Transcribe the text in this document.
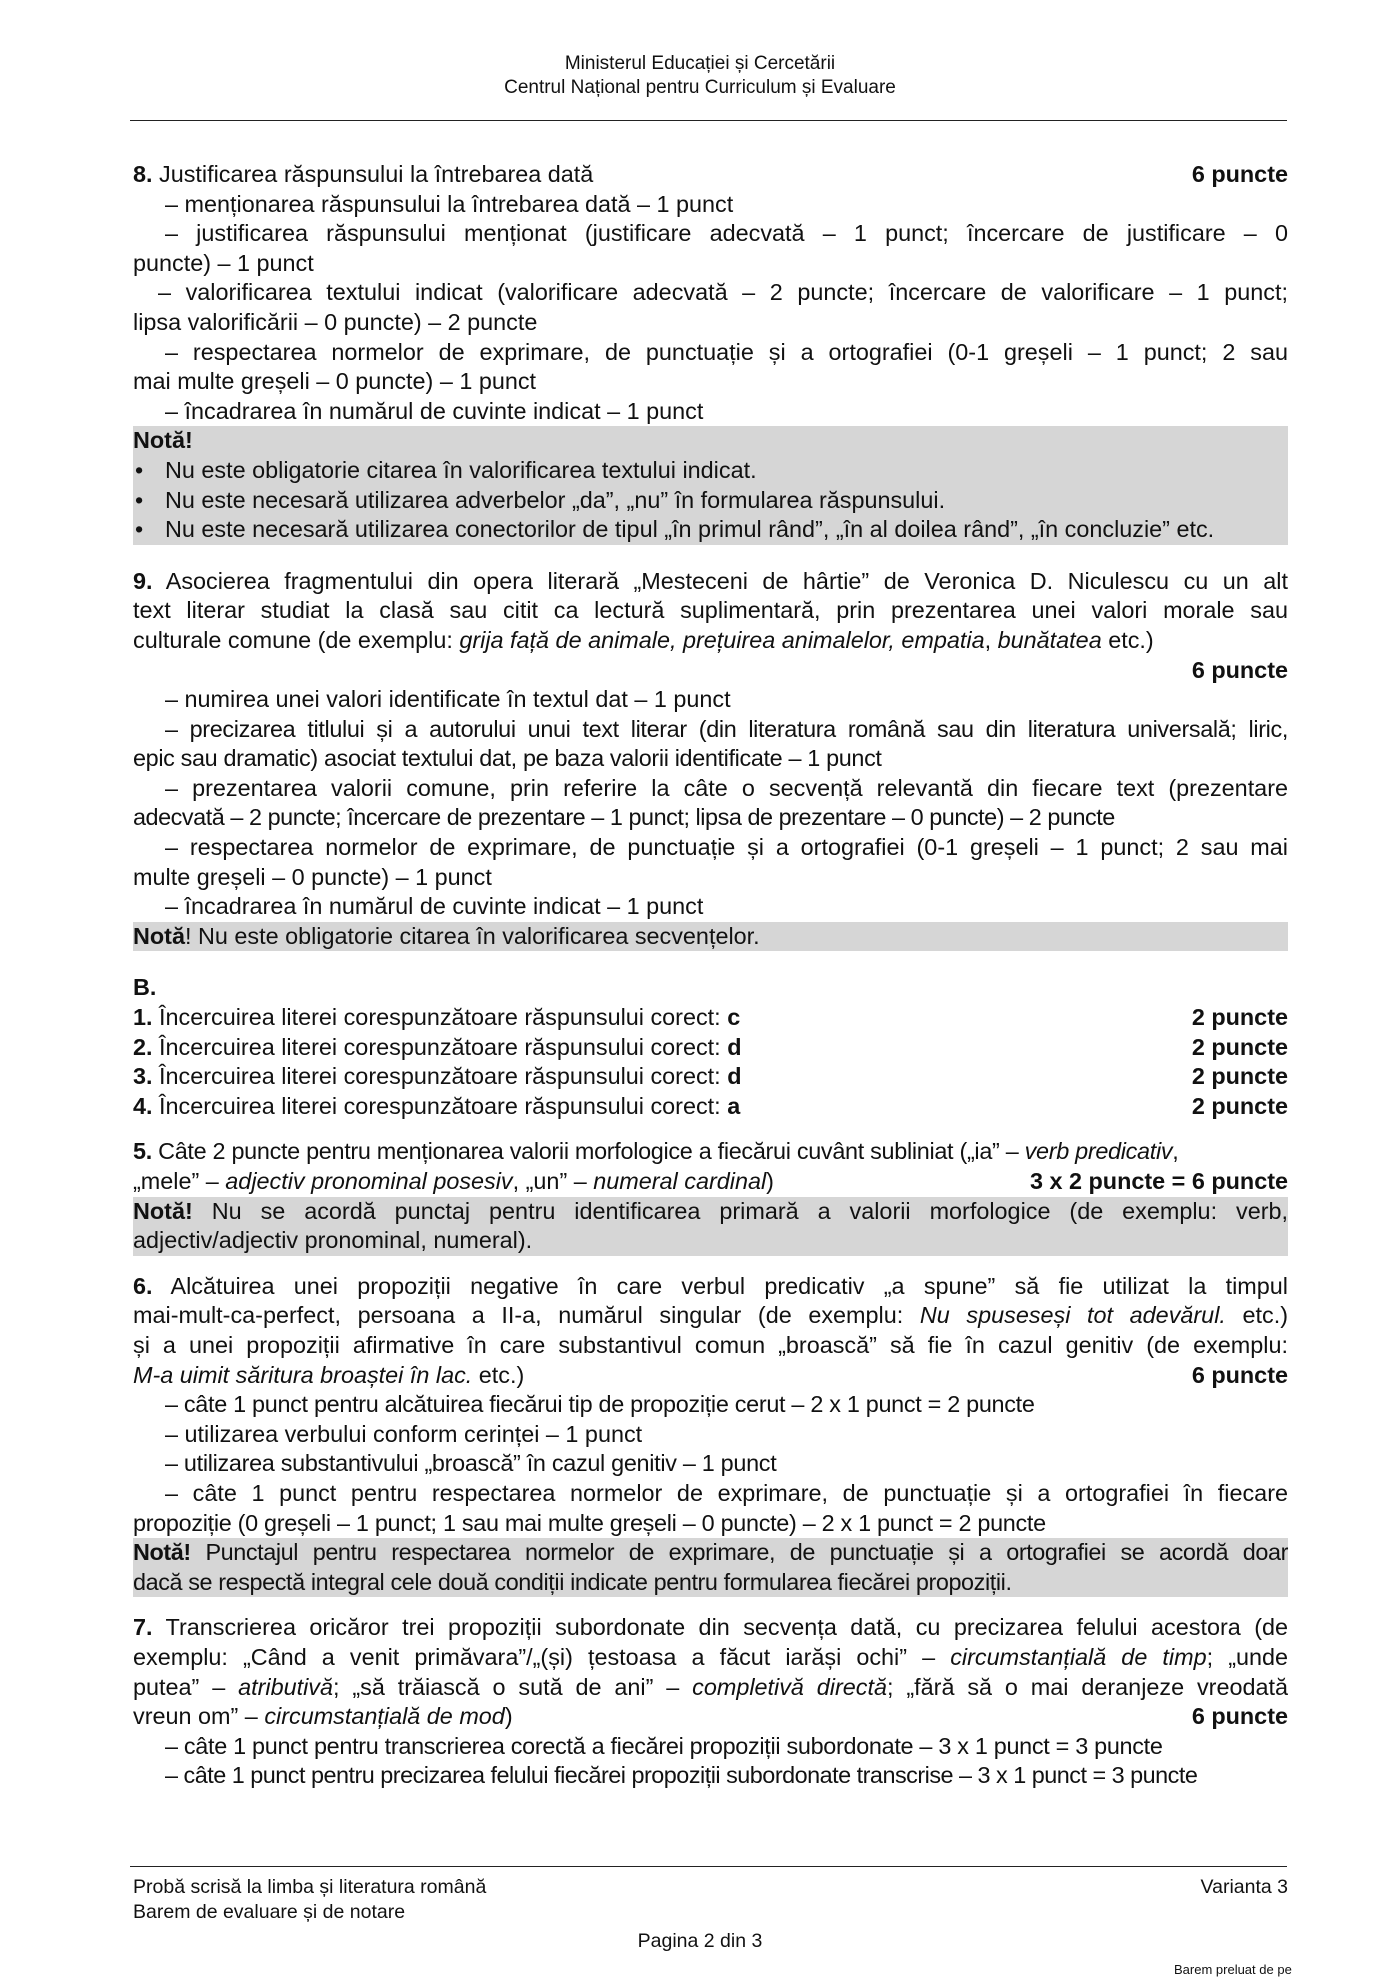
Ministerul Educației și Cercetării
Centrul Național pentru Curriculum și Evaluare
8. Justificarea răspunsului la întrebarea dată	6 puncte
– menționarea răspunsului la întrebarea dată – 1 punct
– justificarea răspunsului menționat (justificare adecvată – 1 punct; încercare de justificare – 0
puncte) – 1 punct
– valorificarea textului indicat (valorificare adecvată – 2 puncte; încercare de valorificare – 1 punct;
lipsa valorificării – 0 puncte) – 2 puncte
– respectarea normelor de exprimare, de punctuație și a ortografiei (0-1 greșeli – 1 punct; 2 sau
mai multe greșeli – 0 puncte) – 1 punct
– încadrarea în numărul de cuvinte indicat – 1 punct
Notă!
• Nu este obligatorie citarea în valorificarea textului indicat.
• Nu este necesară utilizarea adverbelor „da”, „nu” în formularea răspunsului.
• Nu este necesară utilizarea conectorilor de tipul „în primul rând”, „în al doilea rând”, „în concluzie” etc.
9. Asocierea fragmentului din opera literară „Mesteceni de hârtie” de Veronica D. Niculescu cu un alt
text literar studiat la clasă sau citit ca lectură suplimentară, prin prezentarea unei valori morale sau
culturale comune (de exemplu: grija față de animale, prețuirea animalelor, empatia, bunătatea etc.)
6 puncte
– numirea unei valori identificate în textul dat – 1 punct
– precizarea titlului și a autorului unui text literar (din literatura română sau din literatura universală; liric,
epic sau dramatic) asociat textului dat, pe baza valorii identificate – 1 punct
– prezentarea valorii comune, prin referire la câte o secvență relevantă din fiecare text (prezentare
adecvată – 2 puncte; încercare de prezentare – 1 punct; lipsa de prezentare – 0 puncte) – 2 puncte
– respectarea normelor de exprimare, de punctuație și a ortografiei (0-1 greșeli – 1 punct; 2 sau mai
multe greșeli – 0 puncte) – 1 punct
– încadrarea în numărul de cuvinte indicat – 1 punct
Notă! Nu este obligatorie citarea în valorificarea secvențelor.
B.
1. Încercuirea literei corespunzătoare răspunsului corect: c	2 puncte
2. Încercuirea literei corespunzătoare răspunsului corect: d	2 puncte
3. Încercuirea literei corespunzătoare răspunsului corect: d	2 puncte
4. Încercuirea literei corespunzătoare răspunsului corect: a	2 puncte
5. Câte 2 puncte pentru menționarea valorii morfologice a fiecărui cuvânt subliniat („ia” – verb predicativ,
„mele” – adjectiv pronominal posesiv, „un” – numeral cardinal)	3 x 2 puncte = 6 puncte
Notă! Nu se acordă punctaj pentru identificarea primară a valorii morfologice (de exemplu: verb,
adjectiv/adjectiv pronominal, numeral).
6. Alcătuirea unei propoziții negative în care verbul predicativ „a spune” să fie utilizat la timpul
mai-mult-ca-perfect, persoana a II-a, numărul singular (de exemplu: Nu spuseseși tot adevărul. etc.)
și a unei propoziții afirmative în care substantivul comun „broască” să fie în cazul genitiv (de exemplu:
M-a uimit săritura broaștei în lac. etc.)	6 puncte
– câte 1 punct pentru alcătuirea fiecărui tip de propoziție cerut – 2 x 1 punct = 2 puncte
– utilizarea verbului conform cerinței – 1 punct
– utilizarea substantivului „broască” în cazul genitiv – 1 punct
– câte 1 punct pentru respectarea normelor de exprimare, de punctuație și a ortografiei în fiecare
propoziție (0 greșeli – 1 punct; 1 sau mai multe greșeli – 0 puncte) – 2 x 1 punct = 2 puncte
Notă! Punctajul pentru respectarea normelor de exprimare, de punctuație și a ortografiei se acordă doar
dacă se respectă integral cele două condiții indicate pentru formularea fiecărei propoziții.
7. Transcrierea oricăror trei propoziții subordonate din secvența dată, cu precizarea felului acestora (de
exemplu: „Când a venit primăvara”/„(și) țestoasa a făcut iarăși ochi” – circumstanțială de timp; „unde
putea” – atributivă; „să trăiască o sută de ani” – completivă directă; „fără să o mai deranjeze vreodată
vreun om” – circumstanțială de mod)	6 puncte
– câte 1 punct pentru transcrierea corectă a fiecărei propoziții subordonate – 3 x 1 punct = 3 puncte
– câte 1 punct pentru precizarea felului fiecărei propoziții subordonate transcrise – 3 x 1 punct = 3 puncte
Probă scrisă la limba și literatura română	Varianta 3
Barem de evaluare și de notare
Pagina 2 din 3
Barem preluat de pe
